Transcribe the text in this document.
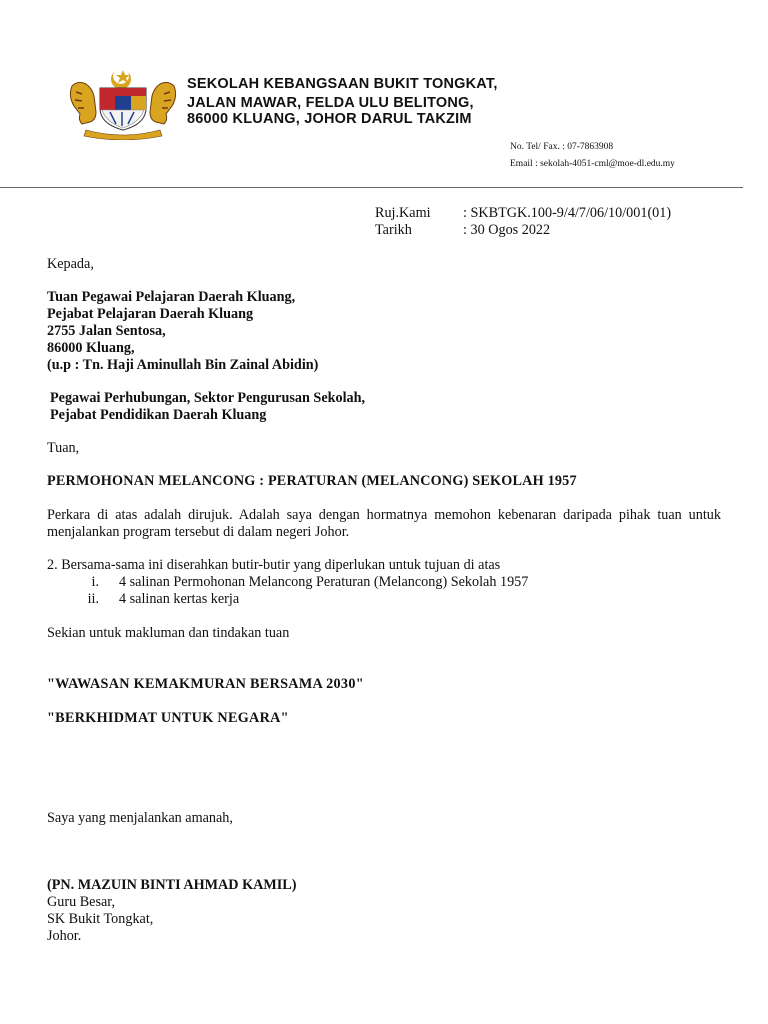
SEKOLAH KEBANGSAAN BUKIT TONGKAT,

JALAN MAWAR, FELDA ULU BELITONG,

86000 KLUANG, JOHOR DARUL TAKZIM

No. Tel/ Fax. : 07-7863908

Email : sekolah-4051-cml@moe-dl.edu.my

Ruj.Kami	: SKBTGK.100-9/4/7/06/10/001(01)
Tarikh	: 30 Ogos 2022

Kepada,

Tuan Pegawai Pelajaran Daerah Kluang,
Pejabat Pelajaran Daerah Kluang
2755 Jalan Sentosa,
86000 Kluang,
(u.p : Tn. Haji Aminullah Bin Zainal Abidin)
Pegawai Perhubungan, Sektor Pengurusan Sekolah,
Pejabat Pendidikan Daerah Kluang

Tuan,

PERMOHONAN MELANCONG : PERATURAN (MELANCONG) SEKOLAH 1957

Perkara di atas adalah dirujuk. Adalah saya dengan hormatnya memohon kebenaran daripada pihak tuan untuk menjalankan program tersebut di dalam negeri Johor.

2. Bersama-sama ini diserahkan butir-butir yang diperlukan untuk tujuan di atas

i.	4 salinan Permohonan Melancong Peraturan (Melancong) Sekolah 1957
ii.	4 salinan kertas kerja

Sekian untuk makluman dan tindakan tuan

"WAWASAN KEMAKMURAN BERSAMA 2030"

"BERKHIDMAT UNTUK NEGARA"

Saya yang menjalankan amanah,

(PN. MAZUIN BINTI AHMAD KAMIL)
Guru Besar,
SK Bukit Tongkat,
Johor.
